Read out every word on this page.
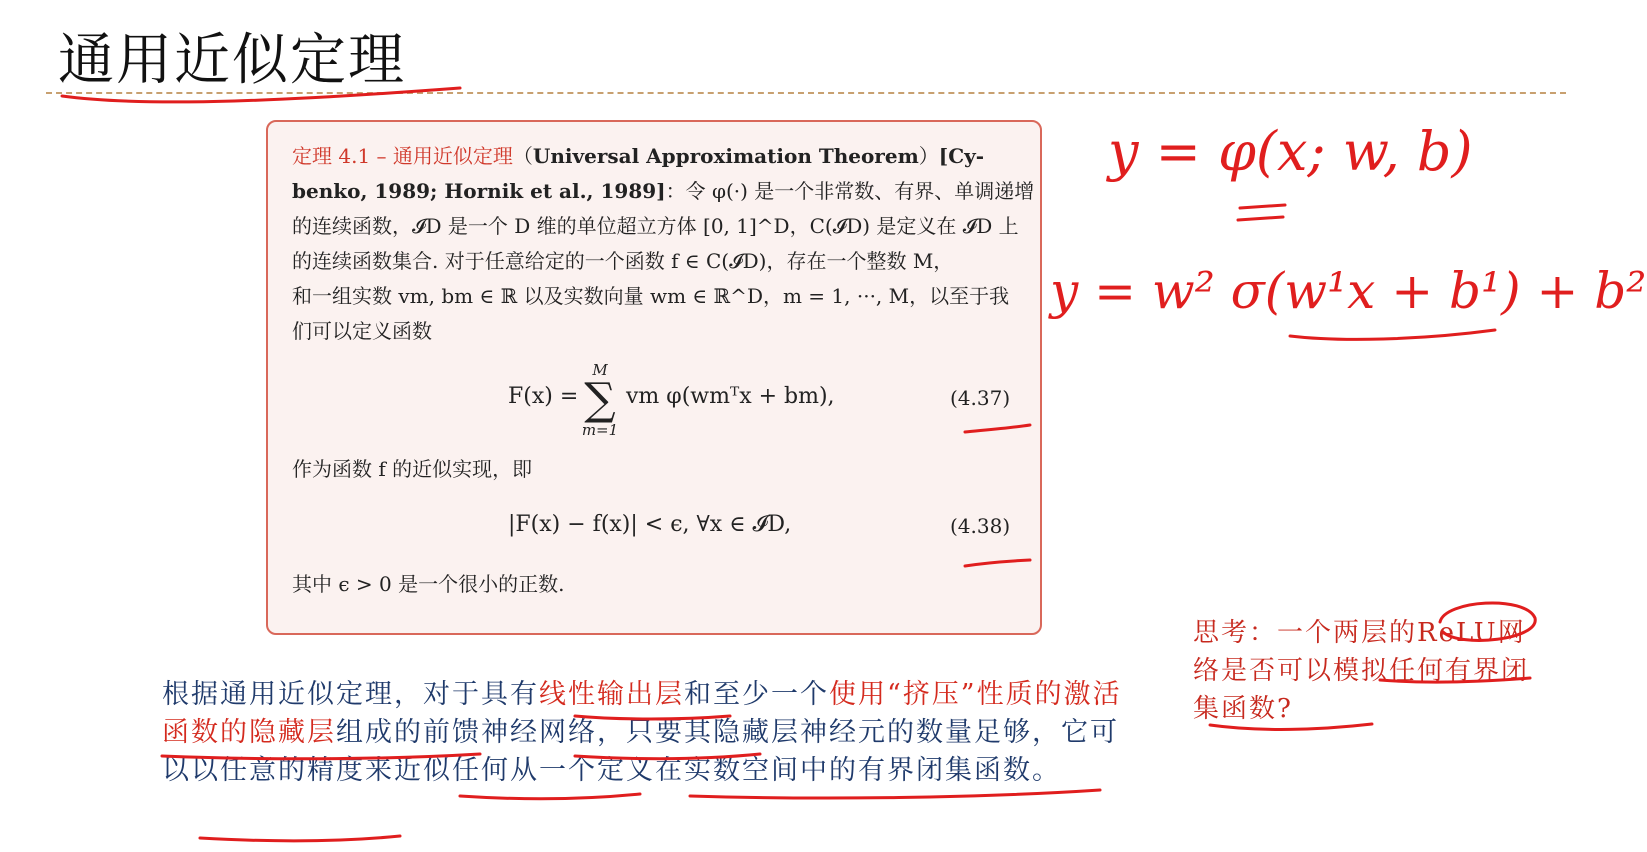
通用近似定理
定理 4.1 – 通用近似定理（Universal Approximation Theorem）[Cy-
benko, 1989; Hornik et al., 1989]：令 φ(·) 是一个非常数、有界、单调递增
的连续函数，𝓘D 是一个 D 维的单位超立方体 [0, 1]^D，C(𝓘D) 是定义在 𝓘D 上
的连续函数集合. 对于任意给定的一个函数 f ∈ C(𝓘D)，存在一个整数 M，
和一组实数 vm, bm ∈ ℝ 以及实数向量 wm ∈ ℝ^D，m = 1, ···, M，以至于我
们可以定义函数
F(x) =
M
∑
m=1
vm φ(wmᵀx + bm),	(4.37)
作为函数 f 的近似实现，即
|F(x) − f(x)| < ϵ, ∀x ∈ 𝓘D,	(4.38)
其中 ϵ > 0 是一个很小的正数.
根据通用近似定理，对于具有线性输出层和至少一个使用“挤压”性质的激活函数的隐藏层组成的前馈神经网络，只要其隐藏层神经元的数量足够，它可以以任意的精度来近似任何从一个定义在实数空间中的有界闭集函数。
思考：一个两层的ReLU网络是否可以模拟任何有界闭集函数?
y = φ(x; w, b)
y = w² σ(w¹x + b¹) + b²
